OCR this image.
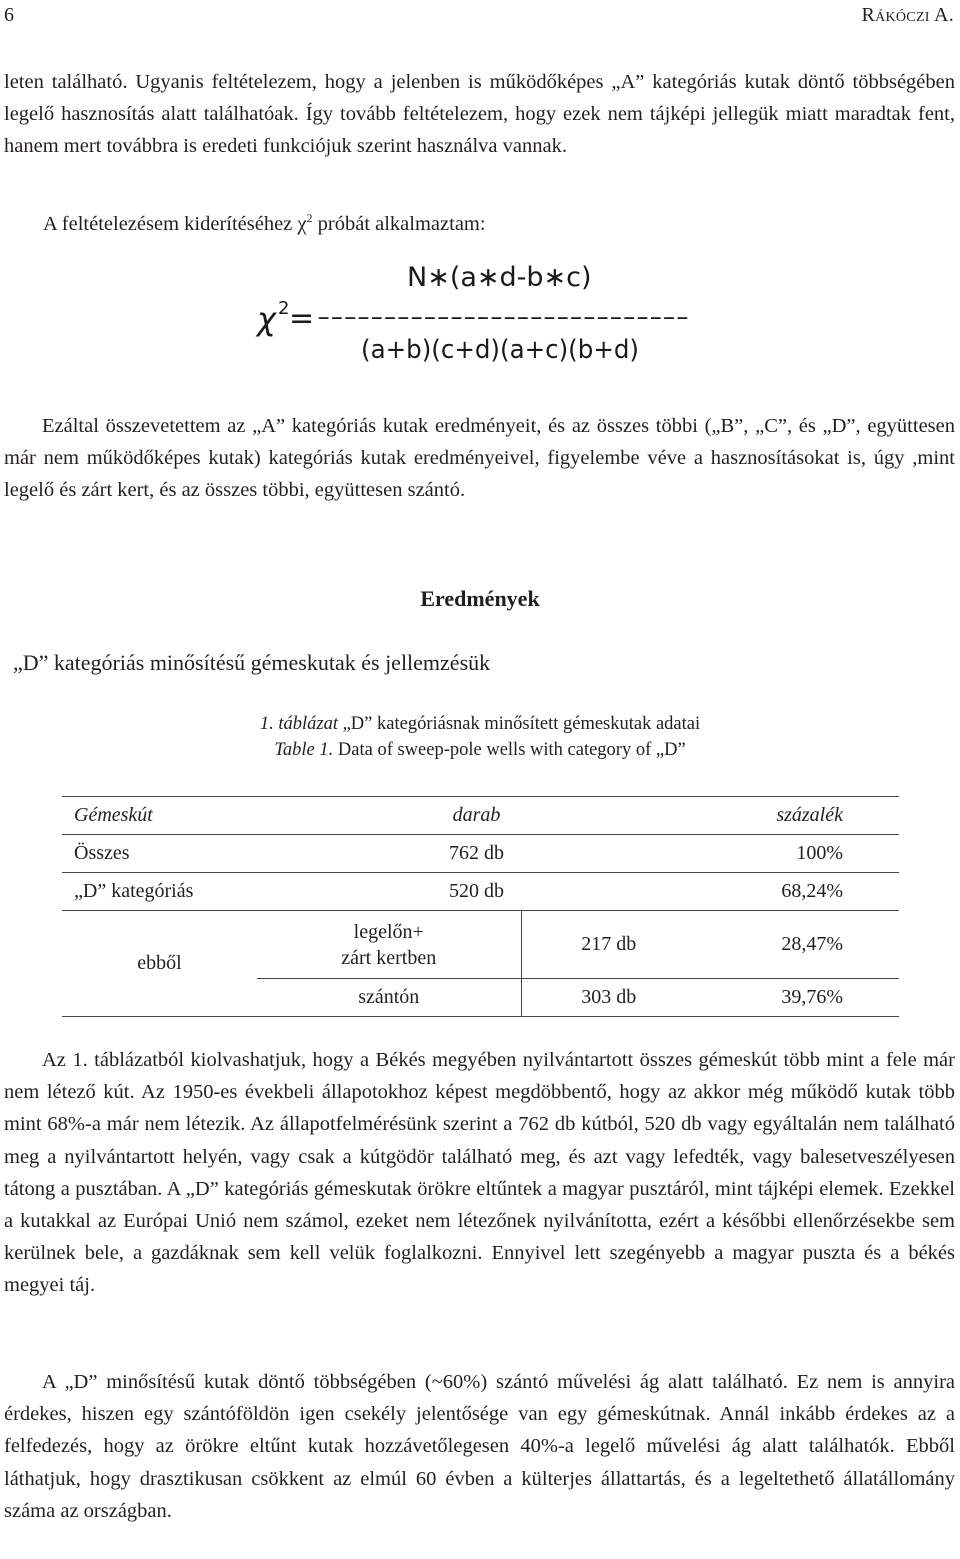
6	Rákóczi A.

leten található. Ugyanis feltételezem, hogy a jelenben is működőképes „A” kategóriás kutak döntő többségében legelő hasznosítás alatt találhatóak. Így tovább feltételezem, hogy ezek nem tájképi jellegük miatt maradtak fent, hanem mert továbbra is eredeti funkciójuk szerint használva vannak.

A feltételezésem kiderítéséhez $\chi^2$ próbát alkalmaztam:

N∗(a∗d-b∗c)
χ 2 = ----------------------------
(a+b)(c+d)(a+c)(b+d)

Ezáltal összevetettem az „A” kategóriás kutak eredményeit, és az összes többi („B”, „C”, és „D”, együttesen már nem működőképes kutak) kategóriás kutak eredményeivel, figyelembe véve a hasznosításokat is, úgy ,mint legelő és zárt kert, és az összes többi, együttesen szántó.

Eredmények
„D” kategóriás minősítésű gémeskutak és jellemzésük
1. táblázat „D” kategóriásnak minősített gémeskutak adatai
Table 1. Data of sweep-pole wells with category of „D”
Gémeskút	darab		százalék
Összes	762 db		100%
„D” kategóriás	520 db		68,24%
ebből	legelőn+
zárt kertben	217 db	28,47%
	szántón	303 db	39,76%

Az 1. táblázatból kiolvashatjuk, hogy a Békés megyében nyilvántartott összes gémeskút több mint a fele már nem létező kút. Az 1950-es évekbeli állapotokhoz képest megdöbbentő, hogy az akkor még működő kutak több mint 68%-a már nem létezik. Az állapotfelmérésünk szerint a 762 db kútból, 520 db vagy egyáltalán nem található meg a nyilvántartott helyén, vagy csak a kútgödör található meg, és azt vagy lefedték, vagy balesetveszélyesen tátong a pusztában. A „D” kategóriás gémeskutak örökre eltűntek a magyar pusztáról, mint tájképi elemek. Ezekkel a kutakkal az Európai Unió nem számol, ezeket nem létezőnek nyilvánította, ezért a későbbi ellenőrzésekbe sem kerülnek bele, a gazdáknak sem kell velük foglalkozni. Ennyivel lett szegényebb a magyar puszta és a békés megyei táj.

A „D” minősítésű kutak döntő többségében (~60%) szántó művelési ág alatt található. Ez nem is annyira érdekes, hiszen egy szántóföldön igen csekély jelentősége van egy gémeskútnak. Annál inkább érdekes az a felfedezés, hogy az örökre eltűnt kutak hozzávetőlegesen 40%-a legelő művelési ág alatt találhatók. Ebből láthatjuk, hogy drasztikusan csökkent az elmúl 60 évben a külterjes állattartás, és a legeltethető állatállomány száma az országban.
